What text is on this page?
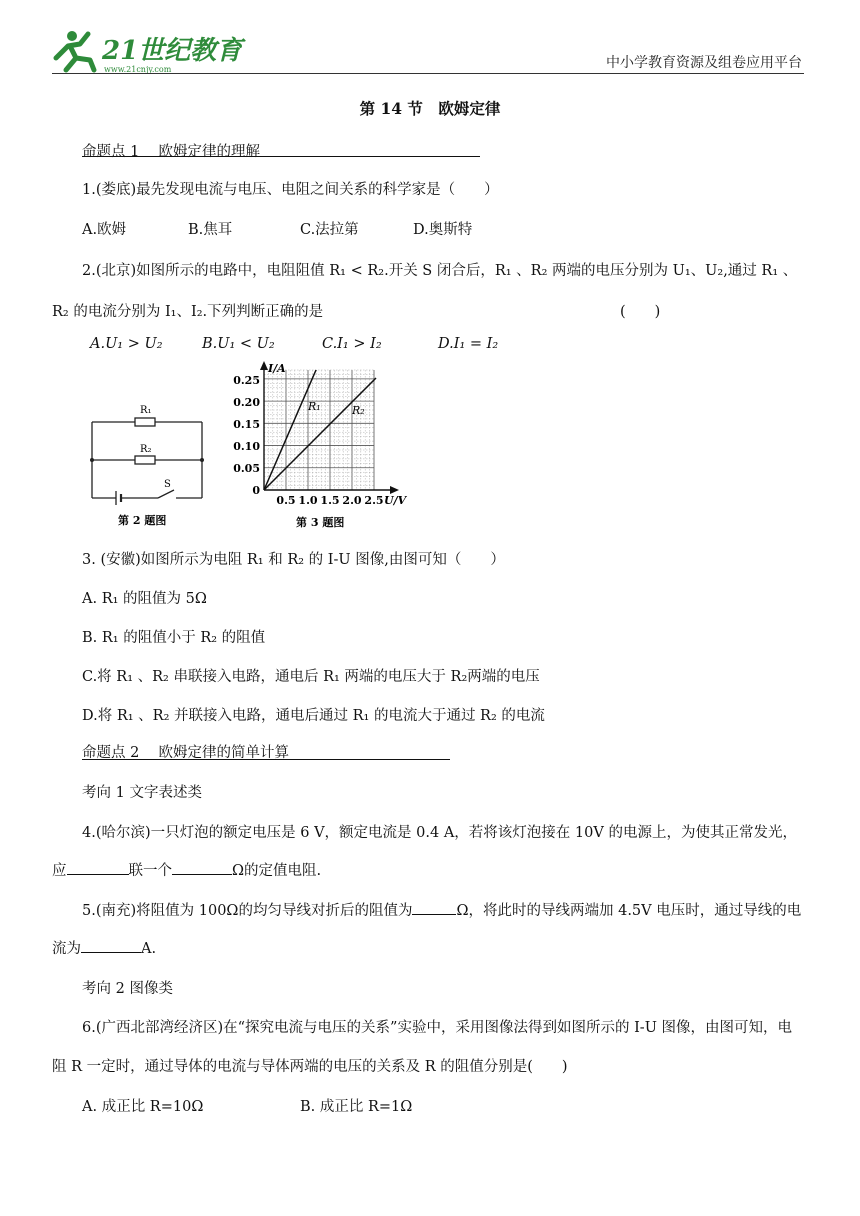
21世纪教育
www.21cnjy.com	中小学教育资源及组卷应用平台
第 14 节　欧姆定律
命题点 1　 欧姆定律的理解
1.(娄底)最先发现电流与电压、电阻之间关系的科学家是（　　）
A.欧姆	B.焦耳	C.法拉第	D.奥斯特
2.(北京)如图所示的电路中，电阻阻值 R₁ < R₂.开关 S 闭合后，R₁ 、R₂ 两端的电压分别为 U₁、U₂,通过 R₁ 、
R₂ 的电流分别为 I₁、I₂.下列判断正确的是	(　　)
A.U₁ > U₂	B.U₁ < U₂	C.I₁ > I₂	D.I₁ = I₂
R₁
R₂
S
第 2 题图
R₁	R₂
I/A
U/V
0.25
0.20
0.15
0.10
0.05
0
0.5 1.0 1.5 2.0 2.5
第 3 题图
3. (安徽)如图所示为电阻 R₁ 和 R₂ 的 I-U 图像,由图可知（　　）
A. R₁ 的阻值为 5Ω
B. R₁ 的阻值小于 R₂ 的阻值
C.将 R₁ 、R₂ 串联接入电路，通电后 R₁ 两端的电压大于 R₂两端的电压
D.将 R₁ 、R₂ 并联接入电路，通电后通过 R₁ 的电流大于通过 R₂ 的电流
命题点 2　 欧姆定律的简单计算
考向 1 文字表述类
4.(哈尔滨)一只灯泡的额定电压是 6 V，额定电流是 0.4 A，若将该灯泡接在 10V 的电源上，为使其正常发光，
应	联一个	Ω的定值电阻.
5.(南充)将阻值为 100Ω的均匀导线对折后的阻值为	Ω，将此时的导线两端加 4.5V 电压时，通过导线的电
流为	A.
考向 2 图像类
6.(广西北部湾经济区)在“探究电流与电压的关系”实验中，采用图像法得到如图所示的 I-U 图像，由图可知，电
阻 R 一定时，通过导体的电流与导体两端的电压的关系及 R 的阻值分别是(　　)
A. 成正比 R=10Ω	B. 成正比 R=1Ω
